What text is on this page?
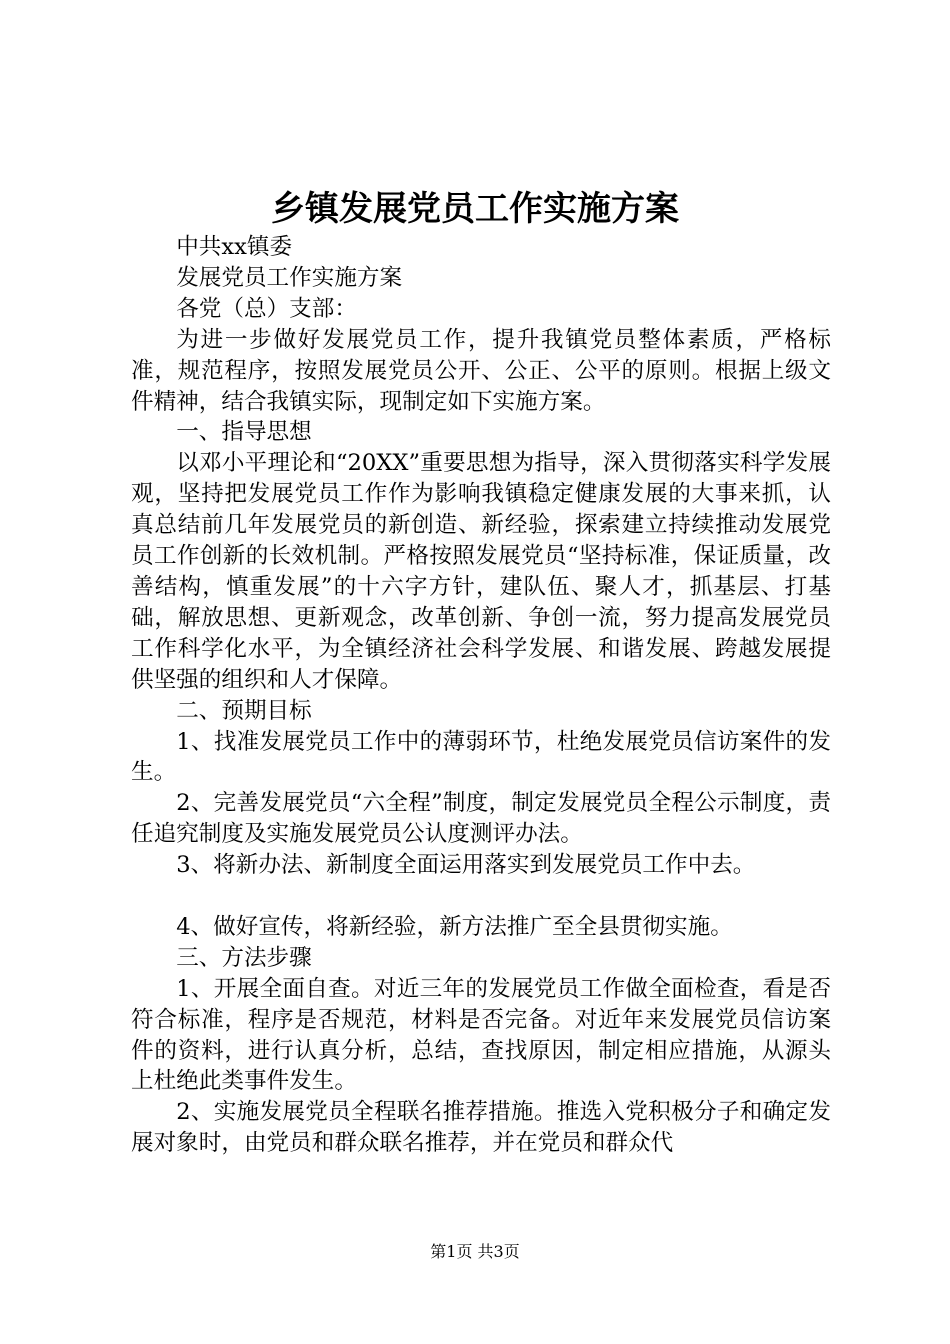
乡镇发展党员工作实施方案

中共xx镇委

发展党员工作实施方案

各党（总）支部：

为进一步做好发展党员工作，提升我镇党员整体素质，严格标准，规范程序，按照发展党员公开、公正、公平的原则。根据上级文件精神，结合我镇实际，现制定如下实施方案。

一、指导思想

以邓小平理论和“20XX”重要思想为指导，深入贯彻落实科学发展观，坚持把发展党员工作作为影响我镇稳定健康发展的大事来抓，认真总结前几年发展党员的新创造、新经验，探索建立持续推动发展党员工作创新的长效机制。严格按照发展党员“坚持标准，保证质量，改善结构，慎重发展”的十六字方针，建队伍、聚人才，抓基层、打基础，解放思想、更新观念，改革创新、争创一流，努力提高发展党员工作科学化水平，为全镇经济社会科学发展、和谐发展、跨越发展提供坚强的组织和人才保障。

二、预期目标

1、找准发展党员工作中的薄弱环节，杜绝发展党员信访案件的发生。

2、完善发展党员“六全程”制度，制定发展党员全程公示制度，责任追究制度及实施发展党员公认度测评办法。

3、将新办法、新制度全面运用落实到发展党员工作中去。

4、做好宣传，将新经验，新方法推广至全县贯彻实施。

三、方法步骤

1、开展全面自查。对近三年的发展党员工作做全面检查，看是否符合标准，程序是否规范，材料是否完备。对近年来发展党员信访案件的资料，进行认真分析，总结，查找原因，制定相应措施，从源头上杜绝此类事件发生。

2、实施发展党员全程联名推荐措施。推选入党积极分子和确定发展对象时，由党员和群众联名推荐，并在党员和群众代

第1页 共3页
